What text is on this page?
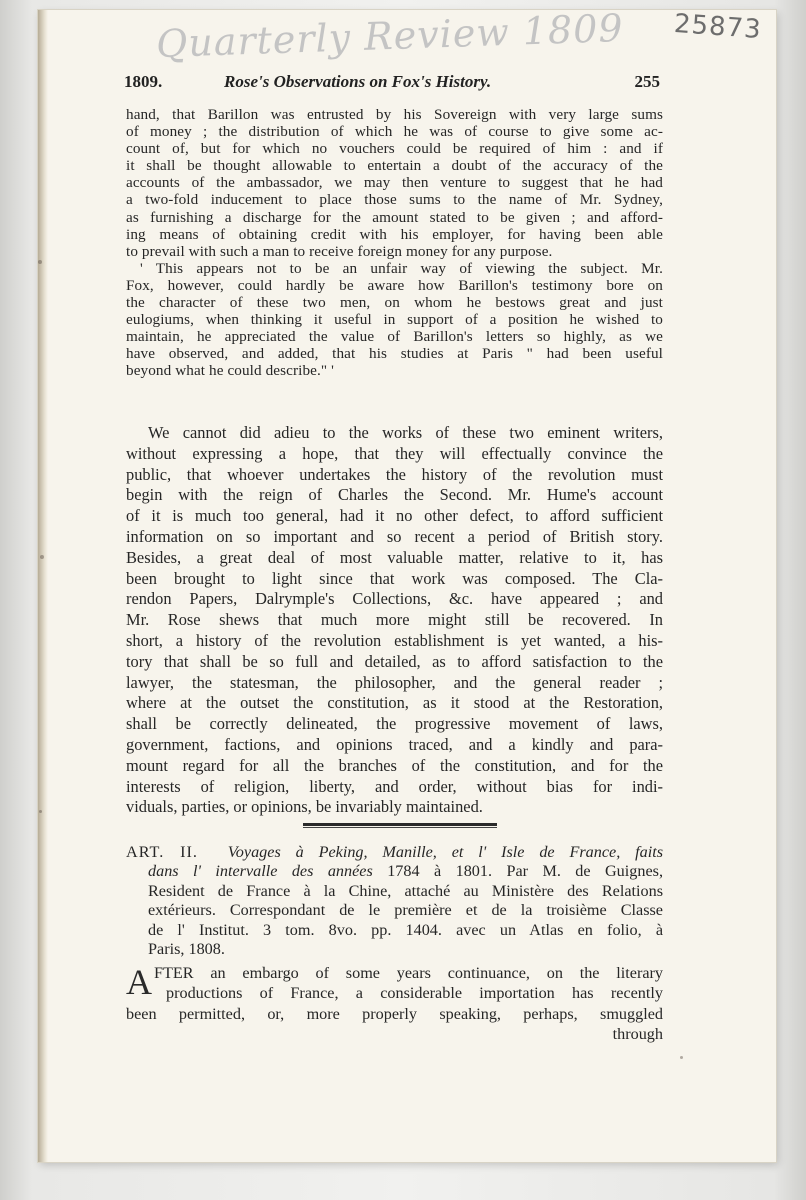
Quarterly Review 1809 25873
1809.	Rose's Observations on Fox's History.	255
hand, that Barillon was entrusted by his Sovereign with very large sums
of money ; the distribution of which he was of course to give some ac-
count of, but for which no vouchers could be required of him : and if
it shall be thought allowable to entertain a doubt of the accuracy of the
accounts of the ambassador, we may then venture to suggest that he had
a two-fold inducement to place those sums to the name of Mr. Sydney,
as furnishing a discharge for the amount stated to be given ; and afford-
ing means of obtaining credit with his employer, for having been able
to prevail with such a man to receive foreign money for any purpose.
' This appears not to be an unfair way of viewing the subject. Mr.
Fox, however, could hardly be aware how Barillon's testimony bore on
the character of these two men, on whom he bestows great and just
eulogiums, when thinking it useful in support of a position he wished to
maintain, he appreciated the value of Barillon's letters so highly, as we
have observed, and added, that his studies at Paris " had been useful
beyond what he could describe." '
We cannot did adieu to the works of these two eminent writers,
without expressing a hope, that they will effectually convince the
public, that whoever undertakes the history of the revolution must
begin with the reign of Charles the Second. Mr. Hume's account
of it is much too general, had it no other defect, to afford sufficient
information on so important and so recent a period of British story.
Besides, a great deal of most valuable matter, relative to it, has
been brought to light since that work was composed. The Cla-
rendon Papers, Dalrymple's Collections, &c. have appeared ; and
Mr. Rose shews that much more might still be recovered. In
short, a history of the revolution establishment is yet wanted, a his-
tory that shall be so full and detailed, as to afford satisfaction to the
lawyer, the statesman, the philosopher, and the general reader ;
where at the outset the constitution, as it stood at the Restoration,
shall be correctly delineated, the progressive movement of laws,
government, factions, and opinions traced, and a kindly and para-
mount regard for all the branches of the constitution, and for the
interests of religion, liberty, and order, without bias for indi-
viduals, parties, or opinions, be invariably maintained.
ART. II. Voyages à Peking, Manille, et l' Isle de France, faits
dans l' intervalle des années 1784 à 1801. Par M. de Guignes,
Resident de France à la Chine, attaché au Ministère des Relations
extérieurs. Correspondant de le première et de la troisième Classe
de l' Institut. 3 tom. 8vo. pp. 1404. avec un Atlas en folio, à
Paris, 1808.
A FTER an embargo of some years continuance, on the literary
productions of France, a considerable importation has recently
been permitted, or, more properly speaking, perhaps, smuggled
through
